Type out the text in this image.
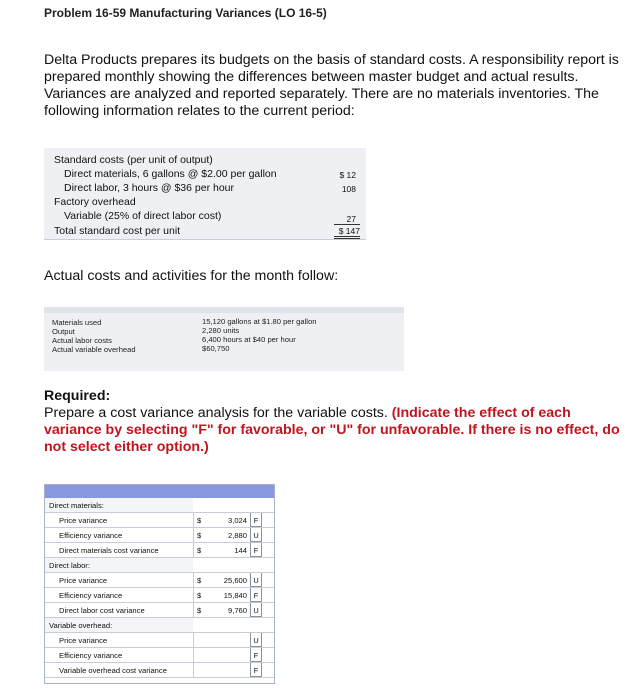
Problem 16-59 Manufacturing Variances (LO 16-5)
Delta Products prepares its budgets on the basis of standard costs. A responsibility report is prepared monthly showing the differences between master budget and actual results. Variances are analyzed and reported separately. There are no materials inventories. The following information relates to the current period:
Standard costs (per unit of output)
Direct materials, 6 gallons @ $2.00 per gallon	$ 12
Direct labor, 3 hours @ $36 per hour	108
Factory overhead
Variable (25% of direct labor cost)	27
Total standard cost per unit	$ 147
Actual costs and activities for the month follow:
Materials used	15,120 gallons at $1.80 per gallon
Output	2,280 units
Actual labor costs	6,400 hours at $40 per hour
Actual variable overhead	$60,750
Required:
Prepare a cost variance analysis for the variable costs. (Indicate the effect of each variance by selecting "F" for favorable, or "U" for unfavorable. If there is no effect, do not select either option.)
Direct materials:
Price variance	$	3,024 F
Efficiency variance	$	2,880 U
Direct materials cost variance	$	144 F
Direct labor:
Price variance	$	25,600 U
Efficiency variance	$	15,840 F
Direct labor cost variance	$	9,760 U
Variable overhead:
Price variance	U
Efficiency variance	F
Variable overhead cost variance	F
